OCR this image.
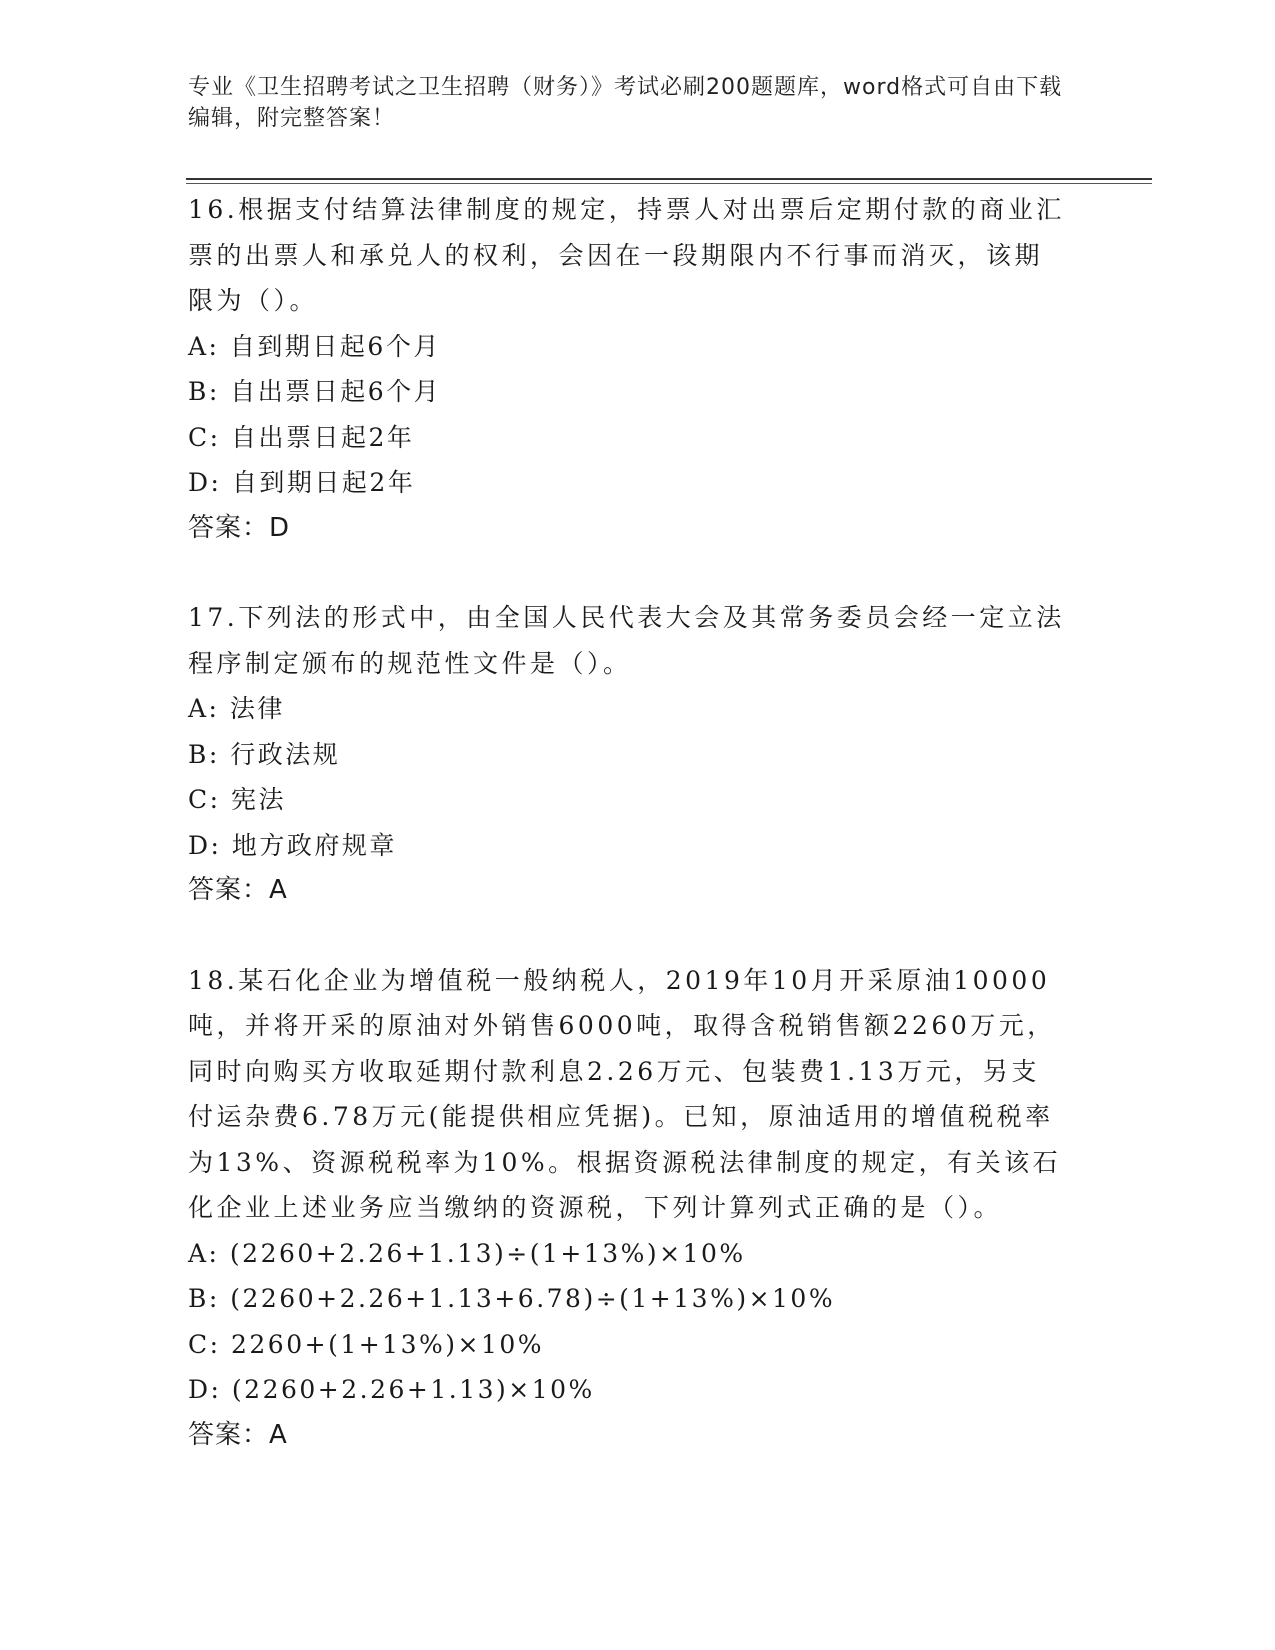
专业《卫生招聘考试之卫生招聘（财务）》考试必刷200题题库，word格式可自由下载编辑，附完整答案！

16.根据支付结算法律制度的规定，持票人对出票后定期付款的商业汇票的出票人和承兑人的权利，会因在一段期限内不行事而消灭，该期限为（）。

A: 自到期日起6个月

B: 自出票日起6个月

C: 自出票日起2年

D: 自到期日起2年

答案：D

17.下列法的形式中，由全国人民代表大会及其常务委员会经一定立法程序制定颁布的规范性文件是（）。

A: 法律

B: 行政法规

C: 宪法

D: 地方政府规章

答案：A

18.某石化企业为增值税一般纳税人，2019年10月开采原油10000吨，并将开采的原油对外销售6000吨，取得含税销售额2260万元，同时向购买方收取延期付款利息2.26万元、包装费1.13万元，另支付运杂费6.78万元(能提供相应凭据)。已知，原油适用的增值税税率为13%、资源税税率为10%。根据资源税法律制度的规定，有关该石化企业上述业务应当缴纳的资源税，下列计算列式正确的是（）。

A: (2260+2.26+1.13)÷(1+13%)×10%

B: (2260+2.26+1.13+6.78)÷(1+13%)×10%

C: 2260+(1+13%)×10%

D: (2260+2.26+1.13)×10%

答案：A
